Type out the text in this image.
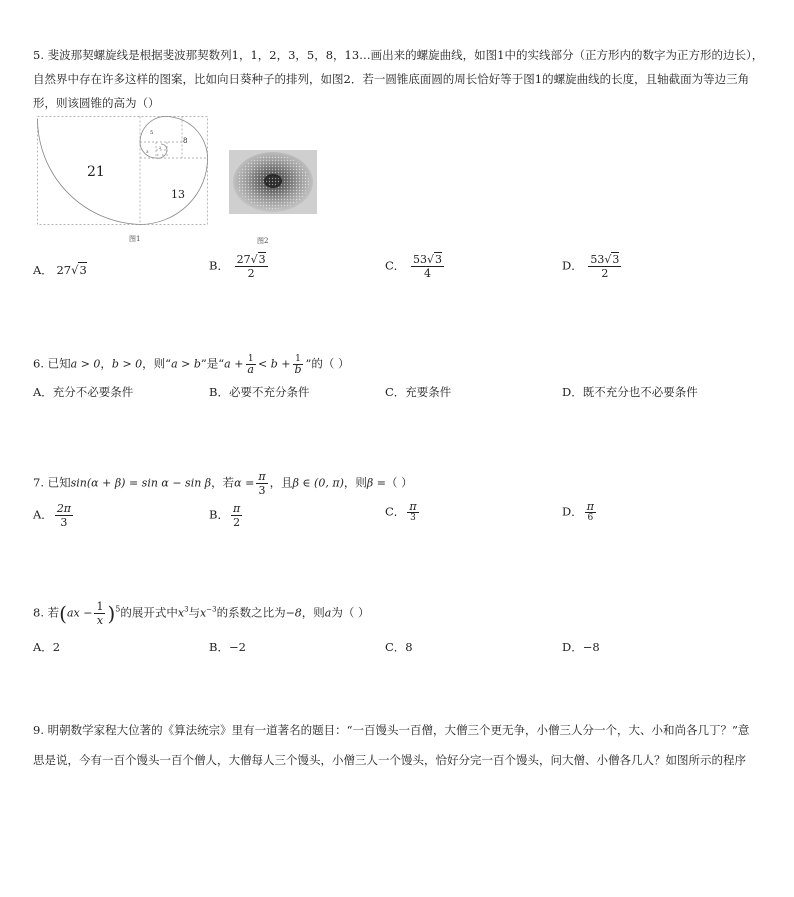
5. 斐波那契螺旋线是根据斐波那契数列1，1，2，3，5，8，13…画出来的螺旋曲线，如图1中的实线部分（正方形内的数字为正方形的边长），
自然界中存在许多这样的图案，比如向日葵种子的排列，如图2．若一圆锥底面圆的周长恰好等于图1的螺旋曲线的长度，且轴截面为等边三角
形，则该圆锥的高为（）
21
13
8
5
3
2
1 1
图1	图2
A． 27√3	B． $\frac{27√3}{2}$	C． $\frac{53√3}{4}$	D． $\frac{53√3}{2}$
6. 已知a > 0，b > 0，则“a > b”是“$a + \frac{1}{a} < b + \frac{1}{b}$ ”的（ ）
A．充分不必要条件	B．必要不充分条件	C．充要条件	D．既不充分也不必要条件
7. 已知sin(α + β) = sin α − sin β，若$\alpha = \frac{\pi}{3}$ ，且β ∈ (0, π)，则β =（ ）
A． $\frac{2\pi}{3}$	B． $\frac{\pi}{2}$	C． $\frac{\pi}{3}$	D． $\frac{\pi}{6}$
8. 若$(ax - \frac{1}{x} )^5$的展开式中$x^3$与$x^{-3}$的系数之比为−8，则a为（ ）
A．2	B．−2	C．8	D．−8
9. 明朝数学家程大位著的《算法统宗》里有一道著名的题目：“一百馒头一百僧，大僧三个更无争，小僧三人分一个，大、小和尚各几丁？”意
思是说，今有一百个馒头一百个僧人，大僧每人三个馒头，小僧三人一个馒头，恰好分完一百个馒头，问大僧、小僧各几人？如图所示的程序
